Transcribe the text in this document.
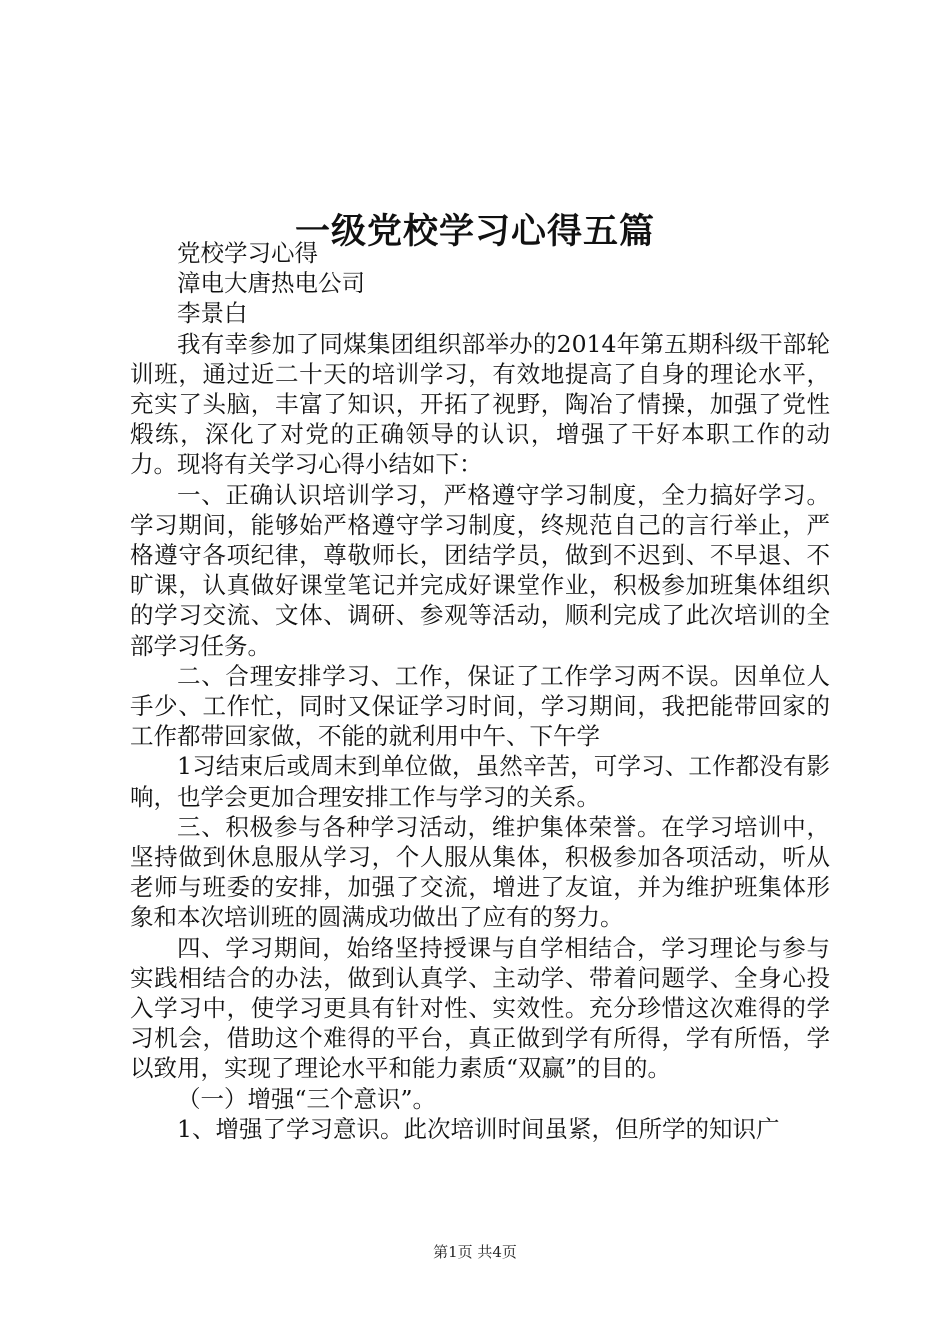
一级党校学习心得五篇

党校学习心得

漳电大唐热电公司

李景白

我有幸参加了同煤集团组织部举办的2014年第五期科级干部轮训班，通过近二十天的培训学习，有效地提高了自身的理论水平，充实了头脑，丰富了知识，开拓了视野，陶冶了情操，加强了党性煅练，深化了对党的正确领导的认识，增强了干好本职工作的动力。现将有关学习心得小结如下：

一、正确认识培训学习，严格遵守学习制度，全力搞好学习。学习期间，能够始严格遵守学习制度，终规范自己的言行举止，严格遵守各项纪律，尊敬师长，团结学员，做到不迟到、不早退、不旷课，认真做好课堂笔记并完成好课堂作业，积极参加班集体组织的学习交流、文体、调研、参观等活动，顺利完成了此次培训的全部学习任务。

二、合理安排学习、工作，保证了工作学习两不误。因单位人手少、工作忙，同时又保证学习时间，学习期间，我把能带回家的工作都带回家做，不能的就利用中午、下午学

1习结束后或周末到单位做，虽然辛苦，可学习、工作都没有影响，也学会更加合理安排工作与学习的关系。

三、积极参与各种学习活动，维护集体荣誉。在学习培训中，坚持做到休息服从学习，个人服从集体，积极参加各项活动，听从老师与班委的安排，加强了交流，增进了友谊，并为维护班集体形象和本次培训班的圆满成功做出了应有的努力。

四、学习期间，始络坚持授课与自学相结合，学习理论与参与实践相结合的办法，做到认真学、主动学、带着问题学、全身心投入学习中，使学习更具有针对性、实效性。充分珍惜这次难得的学习机会，借助这个难得的平台，真正做到学有所得，学有所悟，学以致用，实现了理论水平和能力素质“双赢”的目的。

（一）增强“三个意识”。

1、增强了学习意识。此次培训时间虽紧，但所学的知识广

第1页 共4页
